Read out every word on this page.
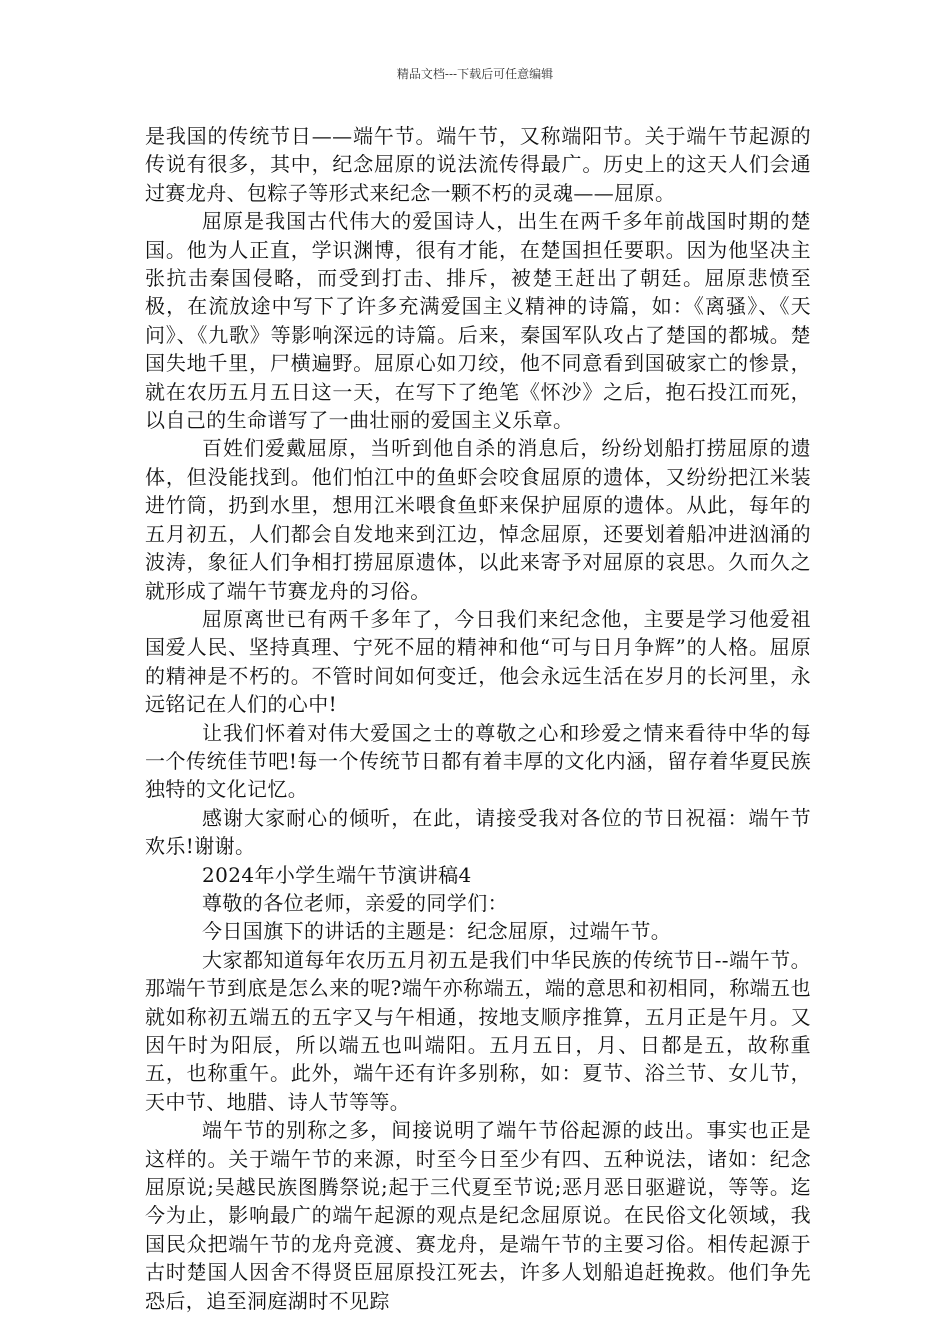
精品文档---下载后可任意编辑

是我国的传统节日——端午节。端午节，又称端阳节。关于端午节起源的传说有很多，其中，纪念屈原的说法流传得最广。历史上的这天人们会通过赛龙舟、包粽子等形式来纪念一颗不朽的灵魂——屈原。

屈原是我国古代伟大的爱国诗人，出生在两千多年前战国时期的楚国。他为人正直，学识渊博，很有才能，在楚国担任要职。因为他坚决主张抗击秦国侵略，而受到打击、排斥，被楚王赶出了朝廷。屈原悲愤至极，在流放途中写下了许多充满爱国主义精神的诗篇，如：《离骚》、《天问》、《九歌》等影响深远的诗篇。后来，秦国军队攻占了楚国的都城。楚国失地千里，尸横遍野。屈原心如刀绞，他不同意看到国破家亡的惨景，就在农历五月五日这一天，在写下了绝笔《怀沙》之后，抱石投江而死，以自己的生命谱写了一曲壮丽的爱国主义乐章。

百姓们爱戴屈原，当听到他自杀的消息后，纷纷划船打捞屈原的遗体，但没能找到。他们怕江中的鱼虾会咬食屈原的遗体，又纷纷把江米装进竹筒，扔到水里，想用江米喂食鱼虾来保护屈原的遗体。从此，每年的五月初五，人们都会自发地来到江边，悼念屈原，还要划着船冲进汹涌的波涛，象征人们争相打捞屈原遗体，以此来寄予对屈原的哀思。久而久之就形成了端午节赛龙舟的习俗。

屈原离世已有两千多年了，今日我们来纪念他，主要是学习他爱祖国爱人民、坚持真理、宁死不屈的精神和他“可与日月争辉”的人格。屈原的精神是不朽的。不管时间如何变迁，他会永远生活在岁月的长河里，永远铭记在人们的心中!

让我们怀着对伟大爱国之士的尊敬之心和珍爱之情来看待中华的每一个传统佳节吧!每一个传统节日都有着丰厚的文化内涵，留存着华夏民族独特的文化记忆。

感谢大家耐心的倾听，在此，请接受我对各位的节日祝福：端午节欢乐!谢谢。

2024年小学生端午节演讲稿4

尊敬的各位老师，亲爱的同学们：

今日国旗下的讲话的主题是：纪念屈原，过端午节。

大家都知道每年农历五月初五是我们中华民族的传统节日--端午节。那端午节到底是怎么来的呢?端午亦称端五，端的意思和初相同，称端五也就如称初五端五的五字又与午相通，按地支顺序推算，五月正是午月。又因午时为阳辰，所以端五也叫端阳。五月五日，月、日都是五，故称重五，也称重午。此外，端午还有许多别称，如：夏节、浴兰节、女儿节，天中节、地腊、诗人节等等。

端午节的别称之多，间接说明了端午节俗起源的歧出。事实也正是这样的。关于端午节的来源，时至今日至少有四、五种说法，诸如：纪念屈原说;吴越民族图腾祭说;起于三代夏至节说;恶月恶日驱避说，等等。迄今为止，影响最广的端午起源的观点是纪念屈原说。在民俗文化领域，我国民众把端午节的龙舟竞渡、赛龙舟，是端午节的主要习俗。相传起源于古时楚国人因舍不得贤臣屈原投江死去，许多人划船追赶挽救。他们争先恐后，追至洞庭湖时不见踪
